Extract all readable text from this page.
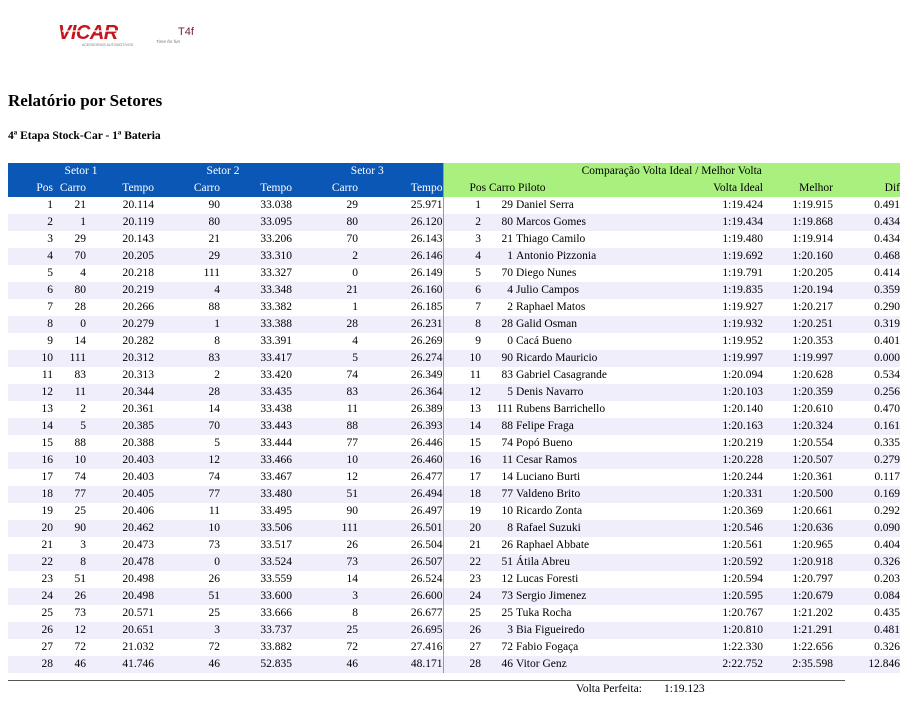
VICAR
ACESSORIOS AUTOMOTIVOS
T4f
Time for fun
Relatório por Setores
4ª Etapa Stock-Car - 1ª Bateria
Setor 1			Setor 2		Setor 3		Comparação Volta Ideal / Melhor Volta					
Pos	Carro	Tempo	Carro	Tempo	Carro	Tempo	Pos Carro Piloto			Volta Ideal	Melhor	Dif
1	21	20.114	90	33.038	29	25.971	1	29	Daniel Serra	1:19.424	1:19.915	0.491
2	1	20.119	80	33.095	80	26.120	2	80	Marcos Gomes	1:19.434	1:19.868	0.434
3	29	20.143	21	33.206	70	26.143	3	21	Thiago Camilo	1:19.480	1:19.914	0.434
4	70	20.205	29	33.310	2	26.146	4	1	Antonio Pizzonia	1:19.692	1:20.160	0.468
5	4	20.218	111	33.327	0	26.149	5	70	Diego Nunes	1:19.791	1:20.205	0.414
6	80	20.219	4	33.348	21	26.160	6	4	Julio Campos	1:19.835	1:20.194	0.359
7	28	20.266	88	33.382	1	26.185	7	2	Raphael Matos	1:19.927	1:20.217	0.290
8	0	20.279	1	33.388	28	26.231	8	28	Galid Osman	1:19.932	1:20.251	0.319
9	14	20.282	8	33.391	4	26.269	9	0	Cacá Bueno	1:19.952	1:20.353	0.401
10	111	20.312	83	33.417	5	26.274	10	90	Ricardo Mauricio	1:19.997	1:19.997	0.000
11	83	20.313	2	33.420	74	26.349	11	83	Gabriel Casagrande	1:20.094	1:20.628	0.534
12	11	20.344	28	33.435	83	26.364	12	5	Denis Navarro	1:20.103	1:20.359	0.256
13	2	20.361	14	33.438	11	26.389	13	111	Rubens Barrichello	1:20.140	1:20.610	0.470
14	5	20.385	70	33.443	88	26.393	14	88	Felipe Fraga	1:20.163	1:20.324	0.161
15	88	20.388	5	33.444	77	26.446	15	74	Popó Bueno	1:20.219	1:20.554	0.335
16	10	20.403	12	33.466	10	26.460	16	11	Cesar Ramos	1:20.228	1:20.507	0.279
17	74	20.403	74	33.467	12	26.477	17	14	Luciano Burti	1:20.244	1:20.361	0.117
18	77	20.405	77	33.480	51	26.494	18	77	Valdeno Brito	1:20.331	1:20.500	0.169
19	25	20.406	11	33.495	90	26.497	19	10	Ricardo Zonta	1:20.369	1:20.661	0.292
20	90	20.462	10	33.506	111	26.501	20	8	Rafael Suzuki	1:20.546	1:20.636	0.090
21	3	20.473	73	33.517	26	26.504	21	26	Raphael Abbate	1:20.561	1:20.965	0.404
22	8	20.478	0	33.524	73	26.507	22	51	Átila Abreu	1:20.592	1:20.918	0.326
23	51	20.498	26	33.559	14	26.524	23	12	Lucas Foresti	1:20.594	1:20.797	0.203
24	26	20.498	51	33.600	3	26.600	24	73	Sergio Jimenez	1:20.595	1:20.679	0.084
25	73	20.571	25	33.666	8	26.677	25	25	Tuka Rocha	1:20.767	1:21.202	0.435
26	12	20.651	3	33.737	25	26.695	26	3	Bia Figueiredo	1:20.810	1:21.291	0.481
27	72	21.032	72	33.882	72	27.416	27	72	Fabio Fogaça	1:22.330	1:22.656	0.326
28	46	41.746	46	52.835	46	48.171	28	46	Vitor Genz	2:22.752	2:35.598	12.846
Volta Perfeita: 1:19.123
